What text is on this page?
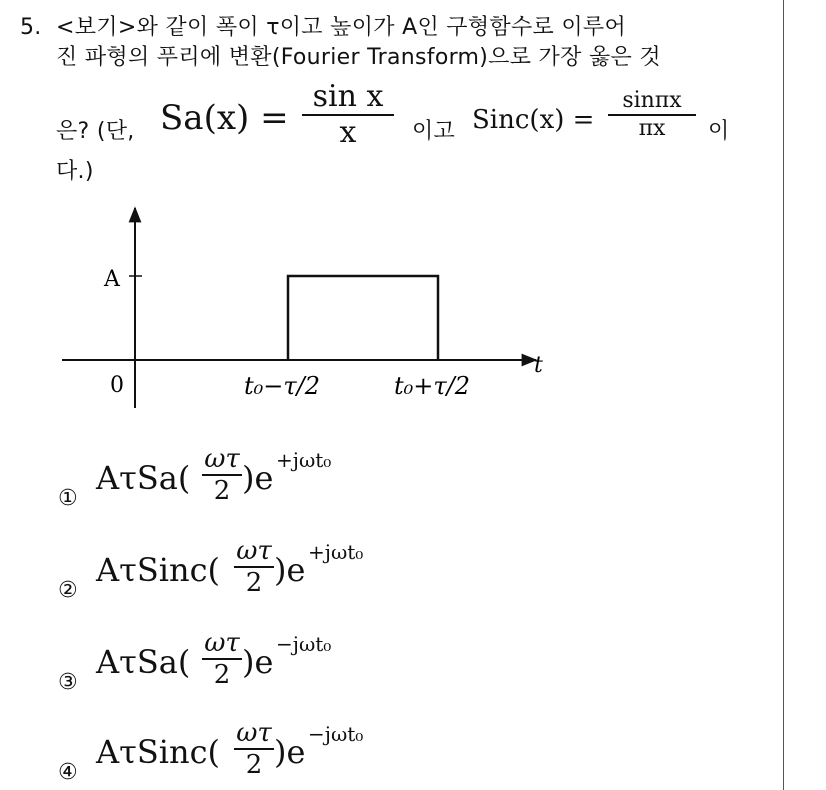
5. <보기>와 같이 폭이 τ이고 높이가 A인 구형함수로 이루어
진 파형의 푸리에 변환(Fourier Transform)으로 가장 옳은 것
은? (단,	이고	이
다.)
Sa(x) =
sin x
x	Sinc(x) =
sinπx
πx
A
0
t
t₀−τ/2	t₀+τ/2
①
AτSa( ωτ
2 )e +jωt₀
②
AτSinc( ωτ
2 )e +jωt₀
③
AτSa( ωτ
2 )e −jωt₀
④
AτSinc( ωτ
2 )e −jωt₀
